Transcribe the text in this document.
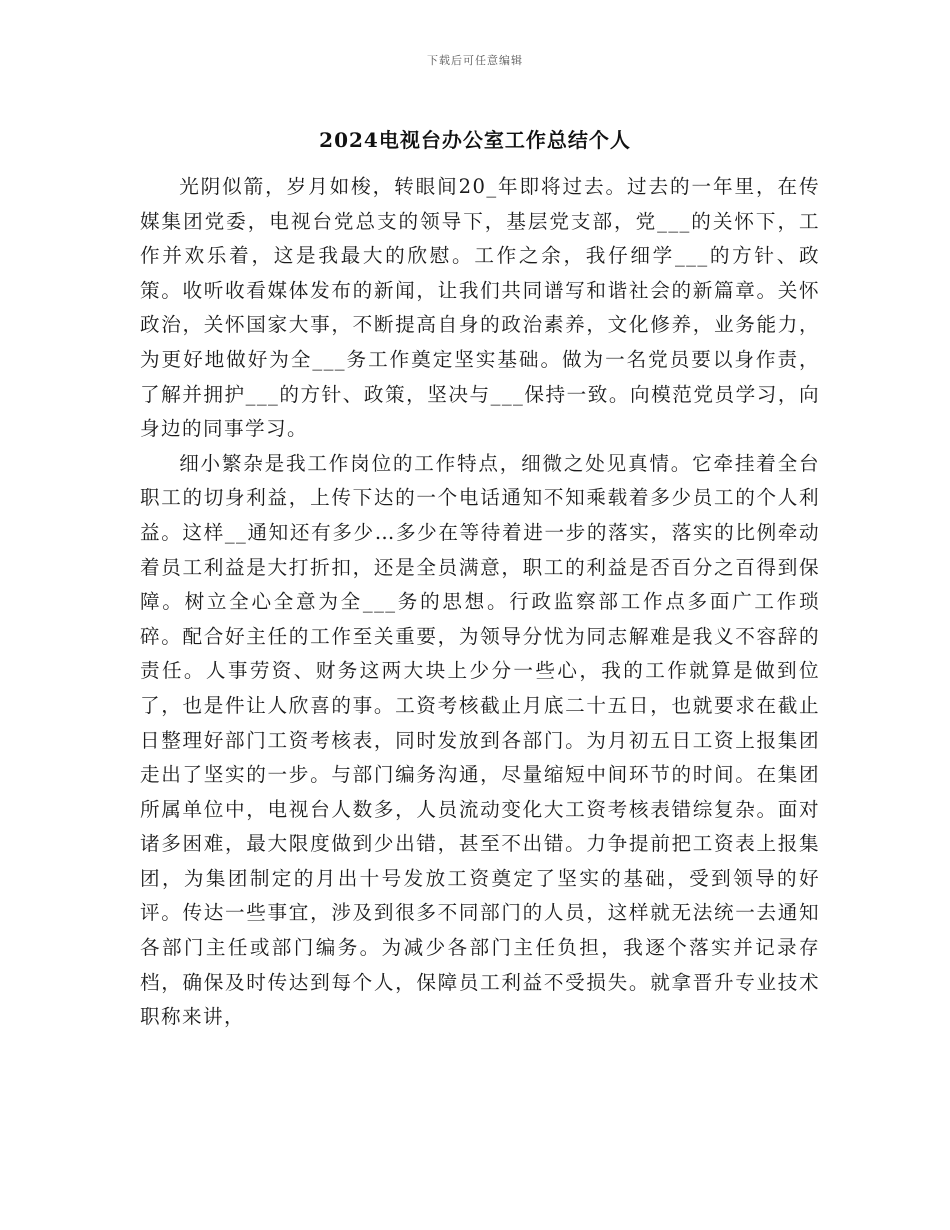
下载后可任意编辑
2024电视台办公室工作总结个人

光阴似箭，岁月如梭，转眼间20_年即将过去。过去的一年里，在传媒集团党委，电视台党总支的领导下，基层党支部，党___的关怀下，工作并欢乐着，这是我最大的欣慰。工作之余，我仔细学___的方针、政策。收听收看媒体发布的新闻，让我们共同谱写和谐社会的新篇章。关怀政治，关怀国家大事，不断提高自身的政治素养，文化修养，业务能力，为更好地做好为全___务工作奠定坚实基础。做为一名党员要以身作责，了解并拥护___的方针、政策，坚决与___保持一致。向模范党员学习，向身边的同事学习。

细小繁杂是我工作岗位的工作特点，细微之处见真情。它牵挂着全台职工的切身利益，上传下达的一个电话通知不知乘载着多少员工的个人利益。这样__通知还有多少…多少在等待着进一步的落实，落实的比例牵动着员工利益是大打折扣，还是全员满意，职工的利益是否百分之百得到保障。树立全心全意为全___务的思想。行政监察部工作点多面广工作琐碎。配合好主任的工作至关重要，为领导分忧为同志解难是我义不容辞的责任。人事劳资、财务这两大块上少分一些心，我的工作就算是做到位了，也是件让人欣喜的事。工资考核截止月底二十五日，也就要求在截止日整理好部门工资考核表，同时发放到各部门。为月初五日工资上报集团走出了坚实的一步。与部门编务沟通，尽量缩短中间环节的时间。在集团所属单位中，电视台人数多，人员流动变化大工资考核表错综复杂。面对诸多困难，最大限度做到少出错，甚至不出错。力争提前把工资表上报集团，为集团制定的月出十号发放工资奠定了坚实的基础，受到领导的好评。传达一些事宜，涉及到很多不同部门的人员，这样就无法统一去通知各部门主任或部门编务。为减少各部门主任负担，我逐个落实并记录存档，确保及时传达到每个人，保障员工利益不受损失。就拿晋升专业技术职称来讲，
